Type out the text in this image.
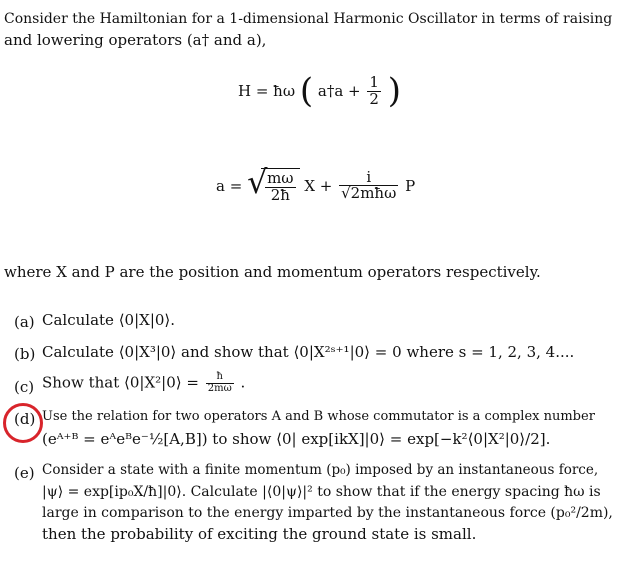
Consider the Hamiltonian for a 1-dimensional Harmonic Oscillator in terms of raising
and lowering operators (a† and a),
H = ħω ( a†a + $\frac{1}{2}$ )
a = √
$\frac{m\omega}{2ħ}$ $X + \frac{i}{\text{√2mħω}}$ P
where X and P are the position and momentum operators respectively.
(a) Calculate ⟨0|X|0⟩.
(b) Calculate ⟨0|X³|0⟩ and show that ⟨0|X²ˢ⁺¹|0⟩ = 0 where s = 1, 2, 3, 4....
(c) Show that ⟨0|X²|0⟩ = $\frac{ħ}{2m\omega}$ .
(d) Use the relation for two operators A and B whose commutator is a complex number
(eᴬ⁺ᴮ = eᴬeᴮe⁻½[A,B]) to show ⟨0| exp[ikX]|0⟩ = exp[−k²⟨0|X²|0⟩/2].
(e) Consider a state with a finite momentum (p₀) imposed by an instantaneous force,
|ψ⟩ = exp[ip₀X/ħ]|0⟩. Calculate |⟨0|ψ⟩|² to show that if the energy spacing ħω is
large in comparison to the energy imparted by the instantaneous force (p₀²/2m),
then the probability of exciting the ground state is small.
